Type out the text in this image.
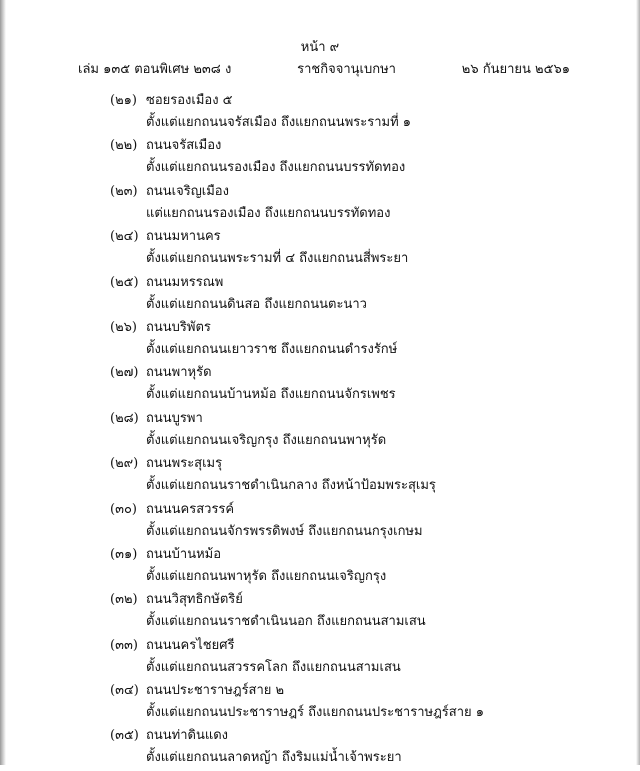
หน้า ๙
เล่ม ๑๓๕ ตอนพิเศษ ๒๓๘ ง	ราชกิจจานุเบกษา	๒๖ กันยายน ๒๕๖๑
(๒๑) ซอยรองเมือง ๕
ตั้งแต่แยกถนนจรัสเมือง ถึงแยกถนนพระรามที่ ๑
(๒๒) ถนนจรัสเมือง
ตั้งแต่แยกถนนรองเมือง ถึงแยกถนนบรรทัดทอง
(๒๓) ถนนเจริญเมือง
แต่แยกถนนรองเมือง ถึงแยกถนนบรรทัดทอง
(๒๔) ถนนมหานคร
ตั้งแต่แยกถนนพระรามที่ ๔ ถึงแยกถนนสี่พระยา
(๒๕) ถนนมหรรณพ
ตั้งแต่แยกถนนดินสอ ถึงแยกถนนตะนาว
(๒๖) ถนนบริพัตร
ตั้งแต่แยกถนนเยาวราช ถึงแยกถนนดำรงรักษ์
(๒๗) ถนนพาหุรัด
ตั้งแต่แยกถนนบ้านหม้อ ถึงแยกถนนจักรเพชร
(๒๘) ถนนบูรพา
ตั้งแต่แยกถนนเจริญกรุง ถึงแยกถนนพาหุรัด
(๒๙) ถนนพระสุเมรุ
ตั้งแต่แยกถนนราชดำเนินกลาง ถึงหน้าป้อมพระสุเมรุ
(๓๐) ถนนนครสวรรค์
ตั้งแต่แยกถนนจักรพรรดิพงษ์ ถึงแยกถนนกรุงเกษม
(๓๑) ถนนบ้านหม้อ
ตั้งแต่แยกถนนพาหุรัด ถึงแยกถนนเจริญกรุง
(๓๒) ถนนวิสุทธิกษัตริย์
ตั้งแต่แยกถนนราชดำเนินนอก ถึงแยกถนนสามเสน
(๓๓) ถนนนครไชยศรี
ตั้งแต่แยกถนนสวรรคโลก ถึงแยกถนนสามเสน
(๓๔) ถนนประชาราษฎร์สาย ๒
ตั้งแต่แยกถนนประชาราษฎร์ ถึงแยกถนนประชาราษฎร์สาย ๑
(๓๕) ถนนท่าดินแดง
ตั้งแต่แยกถนนลาดหญ้า ถึงริมแม่น้ำเจ้าพระยา
